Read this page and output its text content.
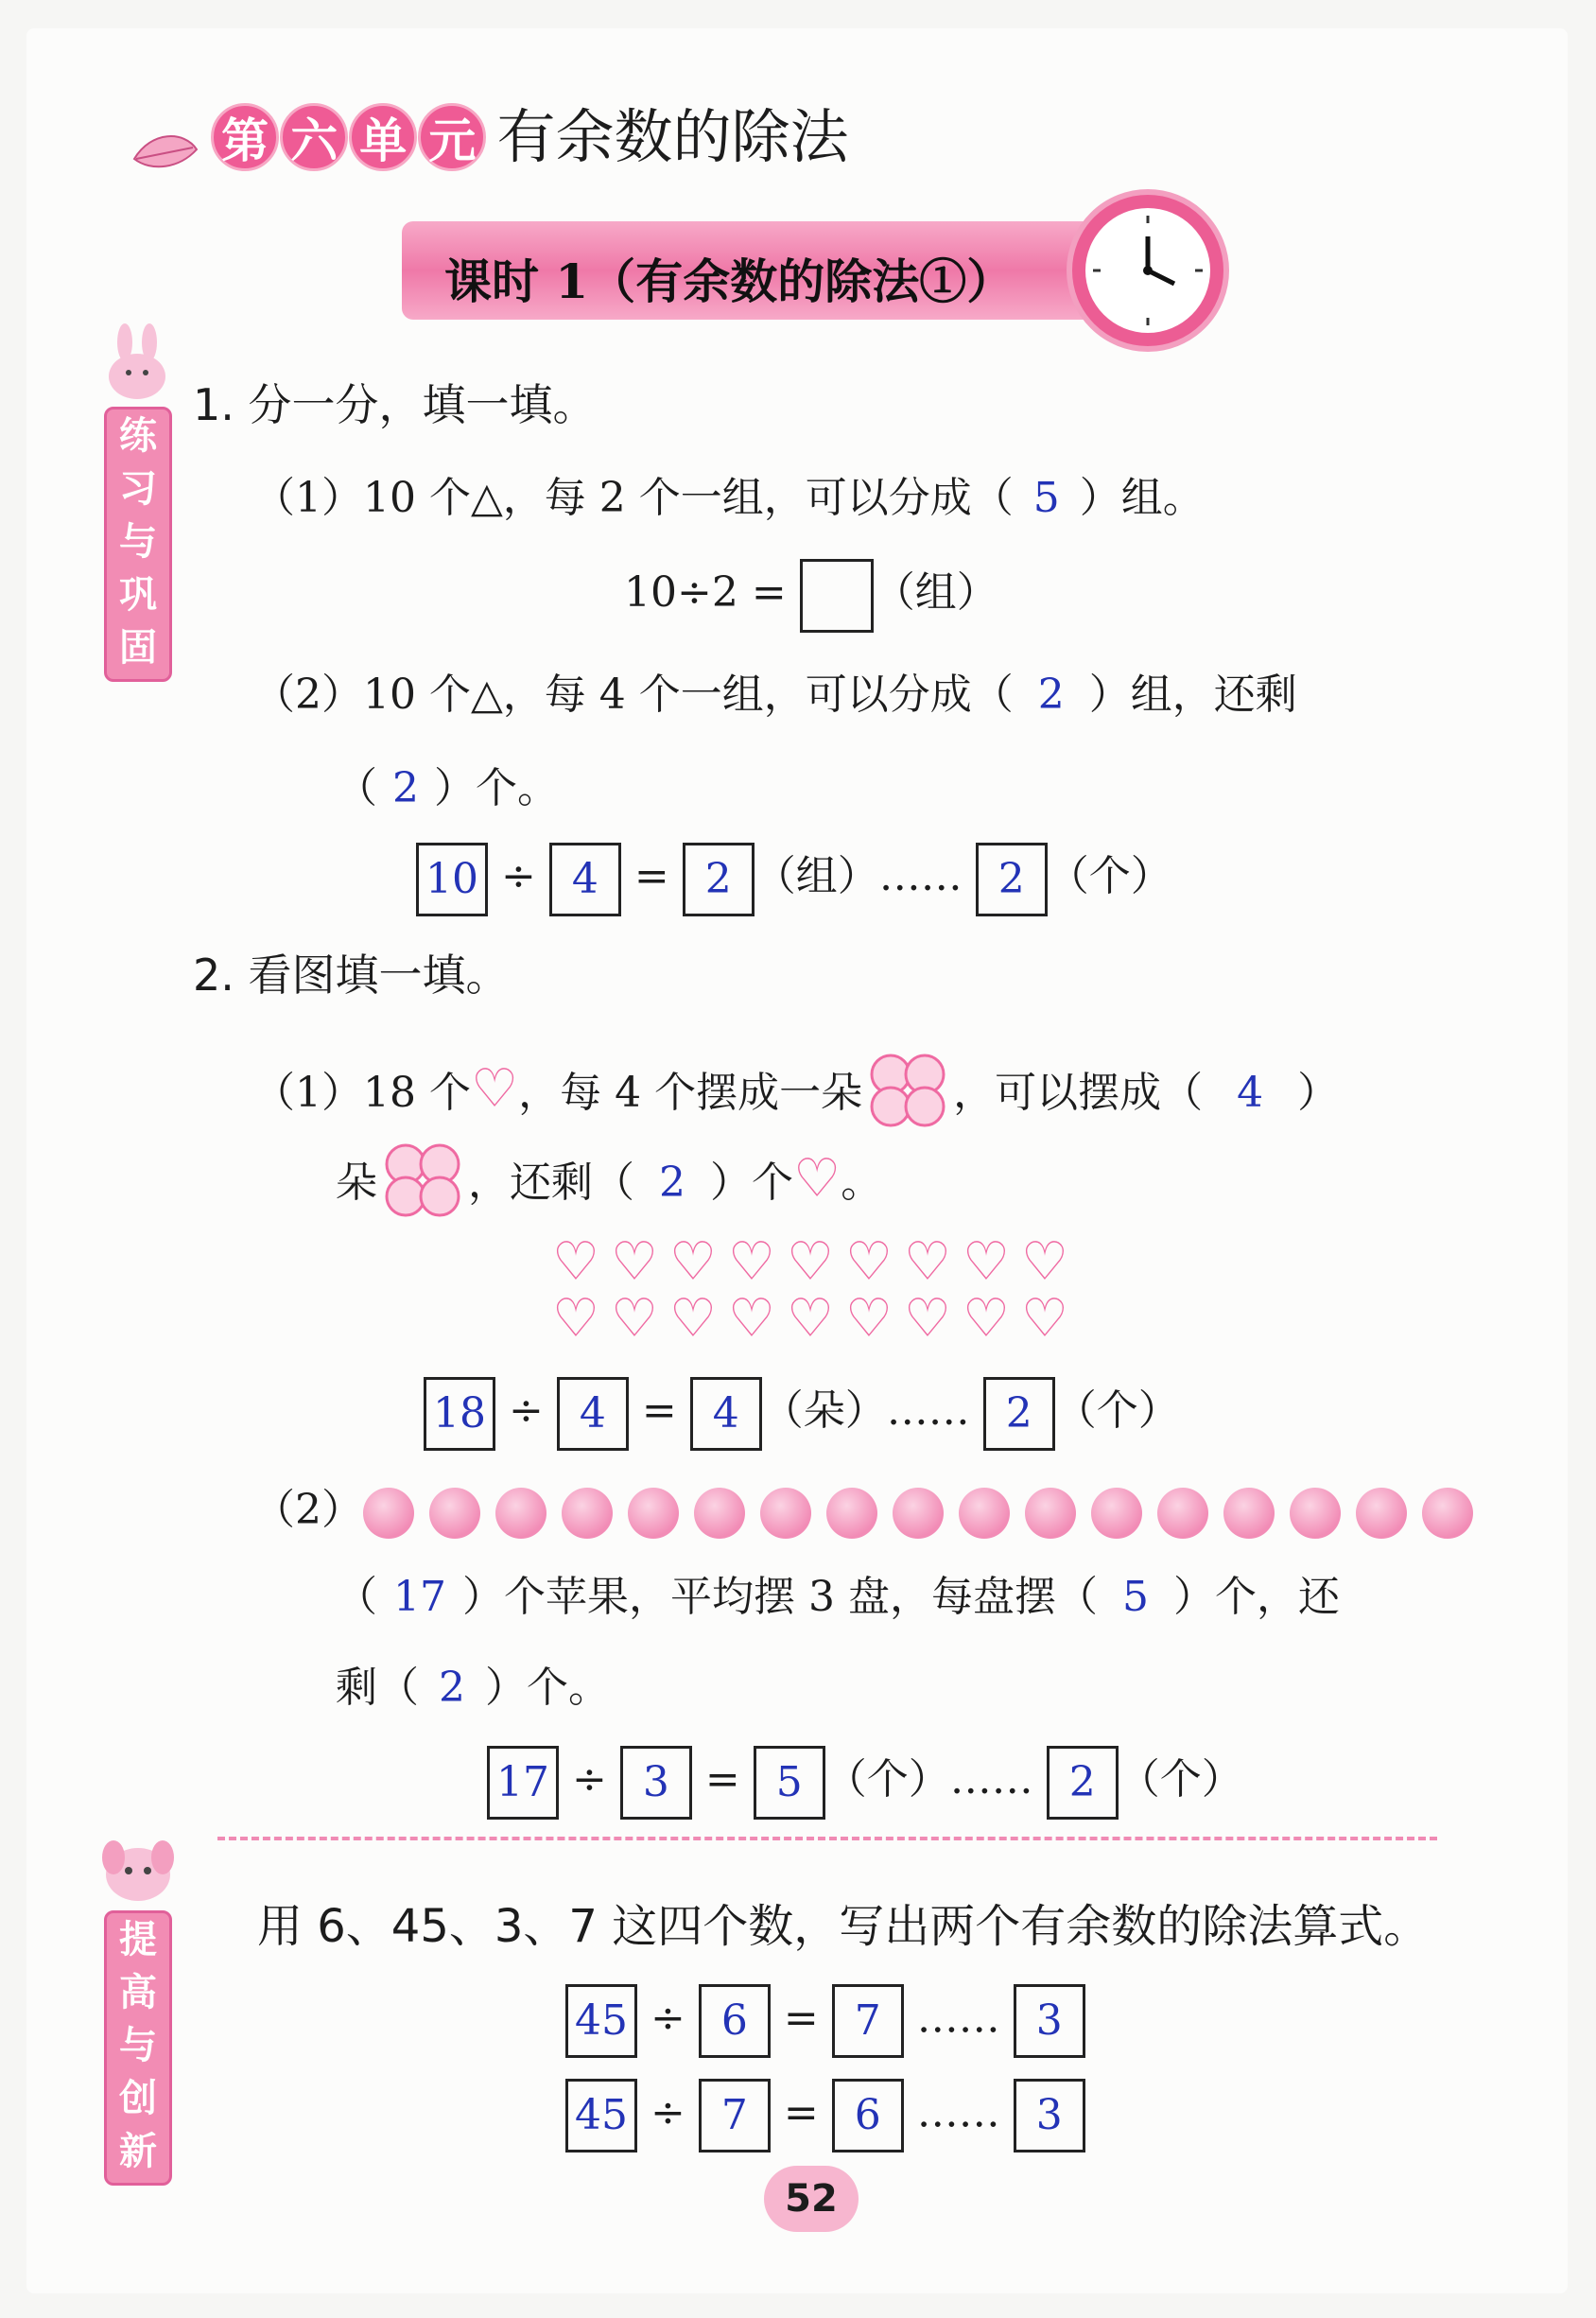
第 六 单 元 有余数的除法
课时 1（有余数的除法①）
练
习
与
巩
固
提
高
与
创
新
1. 分一分，填一填。
（1）10 个△，每 2 个一组，可以分成（ 5 ）组。
10÷2 = （组）
（2）10 个△，每 4 个一组，可以分成（ 2 ）组，还剩
（ 2 ）个。
10 ÷ 4 = 2 （组）…… 2 （个）
2. 看图填一填。
（1）18 个♡，每 4 个摆成一朵 ，可以摆成（ 4 ）
朵 ，还剩（ 2 ）个♡。
♡ ♡ ♡ ♡ ♡ ♡ ♡ ♡ ♡
♡ ♡ ♡ ♡ ♡ ♡ ♡ ♡ ♡
18 ÷ 4 = 4 （朵）…… 2 （个）
（2）
（ 17 ）个苹果，平均摆 3 盘，每盘摆（ 5 ）个，还
剩（ 2 ）个。
17 ÷ 3 = 5 （个）…… 2 （个）
用 6、45、3、7 这四个数，写出两个有余数的除法算式。
45 ÷ 6 = 7 …… 3
45 ÷ 7 = 6 …… 3
52
